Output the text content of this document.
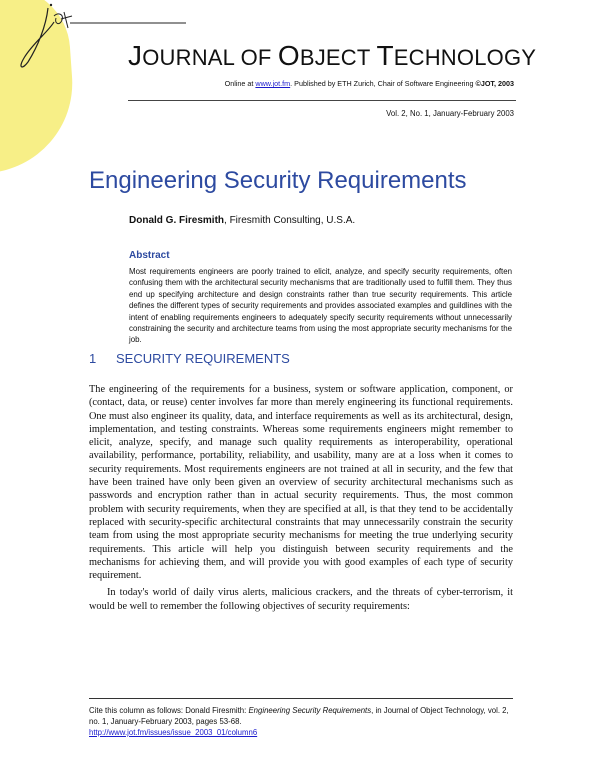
JOURNAL OF OBJECT TECHNOLOGY
Online at www.jot.fm. Published by ETH Zurich, Chair of Software Engineering ©JOT, 2003
Vol. 2, No. 1, January-February 2003
Engineering Security Requirements
Donald G. Firesmith, Firesmith Consulting, U.S.A.
Abstract
Most requirements engineers are poorly trained to elicit, analyze, and specify security requirements, often confusing them with the architectural security mechanisms that are traditionally used to fulfill them. They thus end up specifying architecture and design constraints rather than true security requirements. This article defines the different types of security requirements and provides associated examples and guildlines with the intent of enabling requirements engineers to adequately specify security requirements without unnecessarily constraining the security and architecture teams from using the most appropriate security mechanisms for the job.
1 SECURITY REQUIREMENTS

The engineering of the requirements for a business, system or software application, component, or (contact, data, or reuse) center involves far more than merely engineering its functional requirements. One must also engineer its quality, data, and interface requirements as well as its architectural, design, implementation, and testing constraints. Whereas some requirements engineers might remember to elicit, analyze, specify, and manage such quality requirements as interoperability, operational availability, performance, portability, reliability, and usability, many are at a loss when it comes to security requirements. Most requirements engineers are not trained at all in security, and the few that have been trained have only been given an overview of security architectural mechanisms such as passwords and encryption rather than in actual security requirements. Thus, the most common problem with security requirements, when they are specified at all, is that they tend to be accidentally replaced with security-specific architectural constraints that may unnecessarily constrain the security team from using the most appropriate security mechanisms for meeting the true underlying security requirements. This article will help you distinguish between security requirements and the mechanisms for achieving them, and will provide you with good examples of each type of security requirement.

In today's world of daily virus alerts, malicious crackers, and the threats of cyber-terrorism, it would be well to remember the following objectives of security requirements:

Cite this column as follows: Donald Firesmith: Engineering Security Requirements, in Journal of Object Technology, vol. 2, no. 1, January-February 2003, pages 53-68.
http://www.jot.fm/issues/issue_2003_01/column6
